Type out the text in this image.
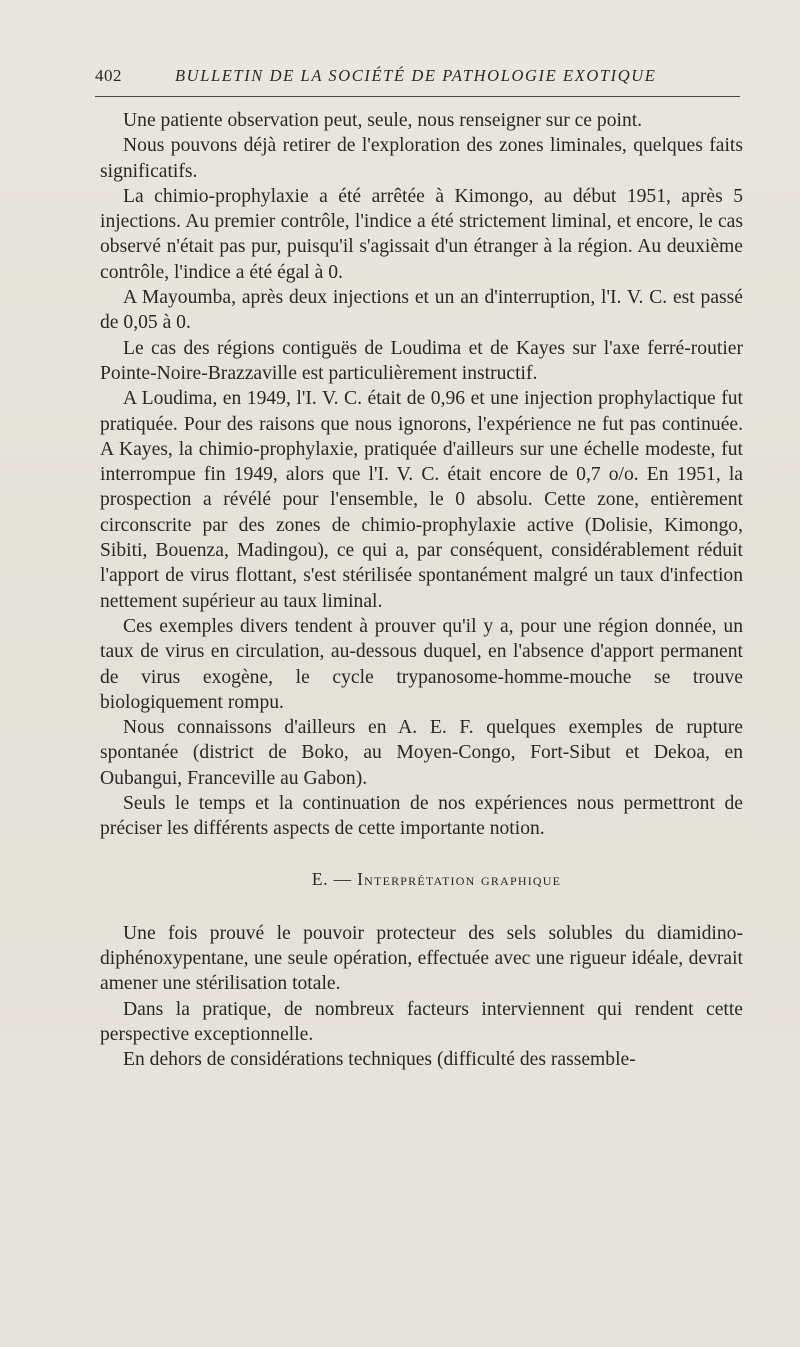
402	BULLETIN DE LA SOCIÉTÉ DE PATHOLOGIE EXOTIQUE

Une patiente observation peut, seule, nous renseigner sur ce point.

Nous pouvons déjà retirer de l'exploration des zones liminales, quelques faits significatifs.

La chimio-prophylaxie a été arrêtée à Kimongo, au début 1951, après 5 injections. Au premier contrôle, l'indice a été strictement liminal, et encore, le cas observé n'était pas pur, puisqu'il s'agissait d'un étranger à la région. Au deuxième contrôle, l'indice a été égal à 0.

A Mayoumba, après deux injections et un an d'interruption, l'I. V. C. est passé de 0,05 à 0.

Le cas des régions contiguës de Loudima et de Kayes sur l'axe ferré-routier Pointe-Noire-Brazzaville est particulièrement instructif.

A Loudima, en 1949, l'I. V. C. était de 0,96 et une injection prophylactique fut pratiquée. Pour des raisons que nous ignorons, l'expérience ne fut pas continuée. A Kayes, la chimio-prophylaxie, pratiquée d'ailleurs sur une échelle modeste, fut interrompue fin 1949, alors que l'I. V. C. était encore de 0,7 o/o. En 1951, la prospection a révélé pour l'ensemble, le 0 absolu. Cette zone, entièrement circonscrite par des zones de chimio-prophylaxie active (Dolisie, Kimongo, Sibiti, Bouenza, Madingou), ce qui a, par conséquent, considérablement réduit l'apport de virus flottant, s'est stérilisée spontanément malgré un taux d'infection nettement supérieur au taux liminal.

Ces exemples divers tendent à prouver qu'il y a, pour une région donnée, un taux de virus en circulation, au-dessous duquel, en l'absence d'apport permanent de virus exogène, le cycle trypanosome-homme-mouche se trouve biologiquement rompu.

Nous connaissons d'ailleurs en A. E. F. quelques exemples de rupture spontanée (district de Boko, au Moyen-Congo, Fort-Sibut et Dekoa, en Oubangui, Franceville au Gabon).

Seuls le temps et la continuation de nos expériences nous permettront de préciser les différents aspects de cette importante notion.

E. — Interprétation graphique

Une fois prouvé le pouvoir protecteur des sels solubles du diamidino-diphénoxypentane, une seule opération, effectuée avec une rigueur idéale, devrait amener une stérilisation totale.

Dans la pratique, de nombreux facteurs interviennent qui rendent cette perspective exceptionnelle.

En dehors de considérations techniques (difficulté des rassemble-
